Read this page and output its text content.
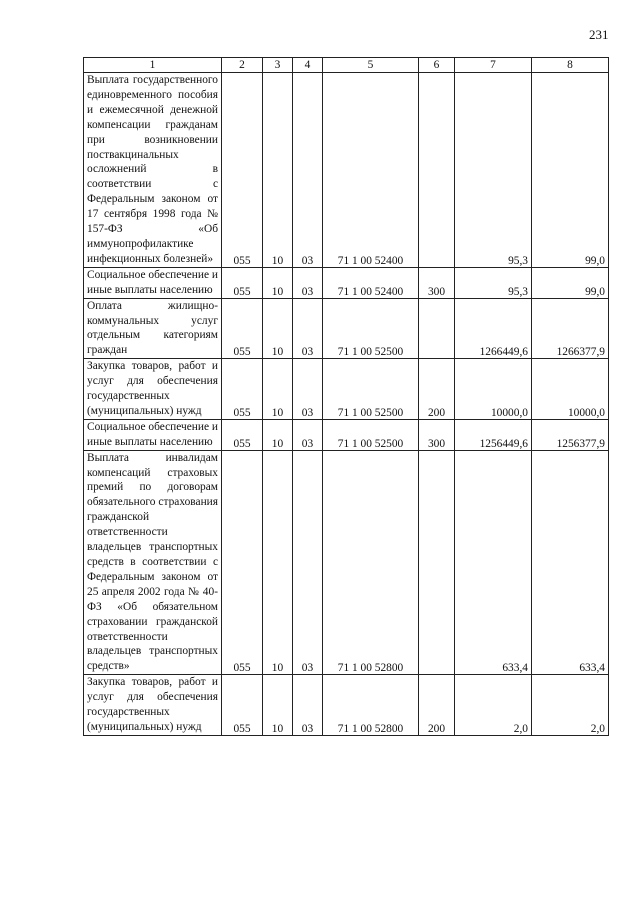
231
1	2	3	4	5	6	7	8
Выплата государственного единовременного пособия и ежемесячной денежной компенсации гражданам при возникновении поствакцинальных осложнений в соответствии с Федеральным законом от 17 сентября 1998 года № 157-ФЗ «Об иммунопрофилактике инфекционных болезней»	055	10	03	71 1 00 52400		95,3	99,0
Социальное обеспечение и иные выплаты населению	055	10	03	71 1 00 52400	300	95,3	99,0
Оплата жилищно-коммунальных услуг отдельным категориям граждан	055	10	03	71 1 00 52500		1266449,6	1266377,9
Закупка товаров, работ и услуг для обеспечения государственных (муниципальных) нужд	055	10	03	71 1 00 52500	200	10000,0	10000,0
Социальное обеспечение и иные выплаты населению	055	10	03	71 1 00 52500	300	1256449,6	1256377,9
Выплата инвалидам компенсаций страховых премий по договорам обязательного страхования гражданской ответственности владельцев транспортных средств в соответствии с Федеральным законом от 25 апреля 2002 года № 40-ФЗ «Об обязательном страховании гражданской ответственности владельцев транспортных средств»	055	10	03	71 1 00 52800		633,4	633,4
Закупка товаров, работ и услуг для обеспечения государственных (муниципальных) нужд	055	10	03	71 1 00 52800	200	2,0	2,0
